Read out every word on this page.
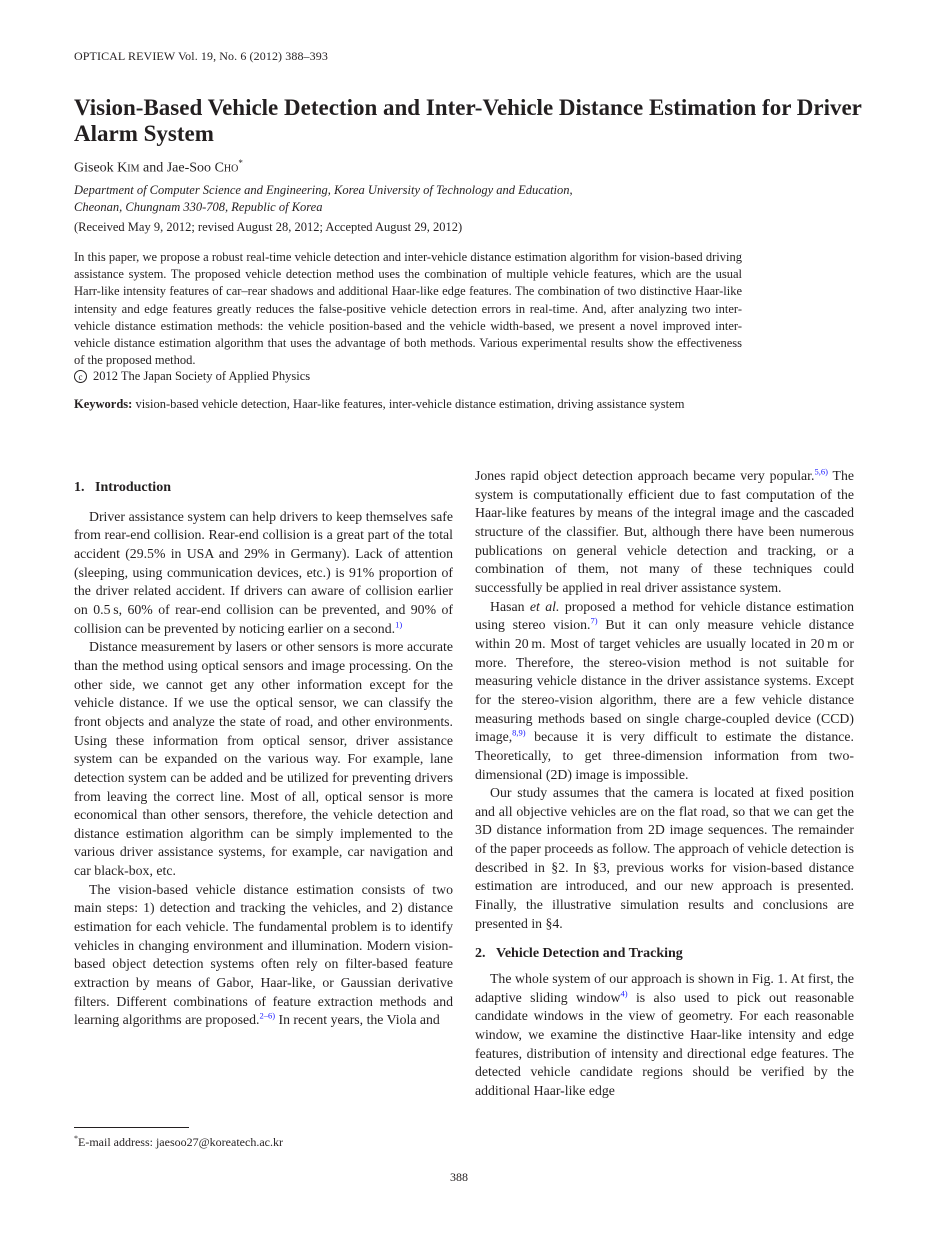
OPTICAL REVIEW Vol. 19, No. 6 (2012) 388–393
Vision-Based Vehicle Detection and Inter-Vehicle Distance Estimation for Driver Alarm System
Giseok Kim and Jae-Soo Cho*
Department of Computer Science and Engineering, Korea University of Technology and Education,
Cheonan, Chungnam 330-708, Republic of Korea
(Received May 9, 2012; revised August 28, 2012; Accepted August 29, 2012)

In this paper, we propose a robust real-time vehicle detection and inter-vehicle distance estimation algorithm for vision-based driving assistance system. The proposed vehicle detection method uses the combination of multiple vehicle features, which are the usual Harr-like intensity features of car–rear shadows and additional Haar-like edge features. The combination of two distinctive Haar-like intensity and edge features greatly reduces the false-positive vehicle detection errors in real-time. And, after analyzing two inter-vehicle distance estimation methods: the vehicle position-based and the vehicle width-based, we present a novel improved inter-vehicle distance estimation algorithm that uses the advantage of both methods. Various experimental results show the effectiveness of the proposed method.

c 2012 The Japan Society of Applied Physics

Keywords: vision-based vehicle detection, Haar-like features, inter-vehicle distance estimation, driving assistance system

1.   Introduction

Driver assistance system can help drivers to keep themselves safe from rear-end collision. Rear-end collision is a great part of the total accident (29.5% in USA and 29% in Germany). Lack of attention (sleeping, using communication devices, etc.) is 91% proportion of the driver related accident. If drivers can aware of collision earlier on 0.5 s, 60% of rear-end collision can be prevented, and 90% of collision can be prevented by noticing earlier on a second.$^{1)}$

Distance measurement by lasers or other sensors is more accurate than the method using optical sensors and image processing. On the other side, we cannot get any other information except for the vehicle distance. If we use the optical sensor, we can classify the front objects and analyze the state of road, and other environments. Using these information from optical sensor, driver assistance system can be expanded on the various way. For example, lane detection system can be added and be utilized for preventing drivers from leaving the correct line. Most of all, optical sensor is more economical than other sensors, therefore, the vehicle detection and distance estimation algorithm can be simply implemented to the various driver assistance systems, for example, car navigation and car black-box, etc.

The vision-based vehicle distance estimation consists of two main steps: 1) detection and tracking the vehicles, and 2) distance estimation for each vehicle. The fundamental problem is to identify vehicles in changing environment and illumination. Modern vision-based object detection systems often rely on filter-based feature extraction by means of Gabor, Haar-like, or Gaussian derivative filters. Different combinations of feature extraction methods and learning algorithms are proposed.$^{2-6)}$ In recent years, the Viola and

Jones rapid object detection approach became very popular.$^{5,6)}$ The system is computationally efficient due to fast computation of the Haar-like features by means of the integral image and the cascaded structure of the classifier. But, although there have been numerous publications on general vehicle detection and tracking, or a combination of them, not many of these techniques could successfully be applied in real driver assistance system.

Hasan et al. proposed a method for vehicle distance estimation using stereo vision.$^{7)}$ But it can only measure vehicle distance within 20 m. Most of target vehicles are usually located in 20 m or more. Therefore, the stereo-vision method is not suitable for measuring vehicle distance in the driver assistance systems. Except for the stereo-vision algorithm, there are a few vehicle distance measuring methods based on single charge-coupled device (CCD) image,$^{8,9)}$ because it is very difficult to estimate the distance. Theoretically, to get three-dimension information from two-dimensional (2D) image is impossible.

Our study assumes that the camera is located at fixed position and all objective vehicles are on the flat road, so that we can get the 3D distance information from 2D image sequences. The remainder of the paper proceeds as follow. The approach of vehicle detection is described in §2. In §3, previous works for vision-based distance estimation are introduced, and our new approach is presented. Finally, the illustrative simulation results and conclusions are presented in §4.

2.   Vehicle Detection and Tracking

The whole system of our approach is shown in Fig. 1. At first, the adaptive sliding window$^{4)}$ is also used to pick out reasonable candidate windows in the view of geometry. For each reasonable window, we examine the distinctive Haar-like intensity and edge features, distribution of intensity and directional edge features. The detected vehicle candidate regions should be verified by the additional Haar-like edge

*E-mail address: jaesoo27@koreatech.ac.kr
388
